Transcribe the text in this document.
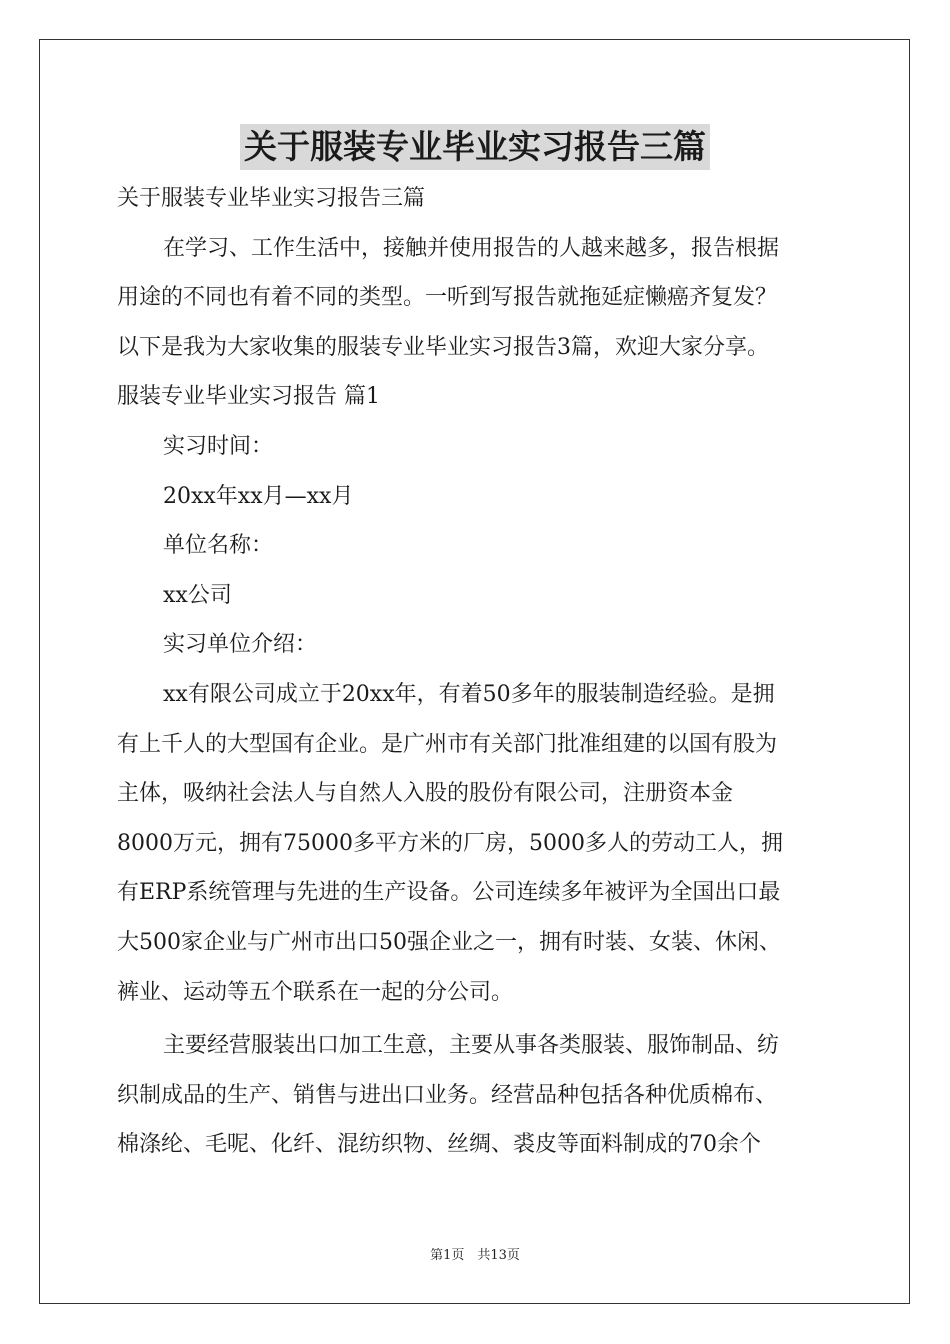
关于服装专业毕业实习报告三篇
关于服装专业毕业实习报告三篇
在学习、工作生活中，接触并使用报告的人越来越多，报告根据
用途的不同也有着不同的类型。一听到写报告就拖延症懒癌齐复发？
以下是我为大家收集的服装专业毕业实习报告3篇，欢迎大家分享。
服装专业毕业实习报告 篇1
实习时间：
20xx年xx月—xx月
单位名称：
xx公司
实习单位介绍：
xx有限公司成立于20xx年，有着50多年的服装制造经验。是拥
有上千人的大型国有企业。是广州市有关部门批准组建的以国有股为
主体，吸纳社会法人与自然人入股的股份有限公司，注册资本金
8000万元，拥有75000多平方米的厂房，5000多人的劳动工人，拥
有ERP系统管理与先进的生产设备。公司连续多年被评为全国出口最
大500家企业与广州市出口50强企业之一，拥有时装、女装、休闲、
裤业、运动等五个联系在一起的分公司。
主要经营服装出口加工生意，主要从事各类服装、服饰制品、纺
织制成品的生产、销售与进出口业务。经营品种包括各种优质棉布、
棉涤纶、毛呢、化纤、混纺织物、丝绸、裘皮等面料制成的70余个
第1页　共13页
